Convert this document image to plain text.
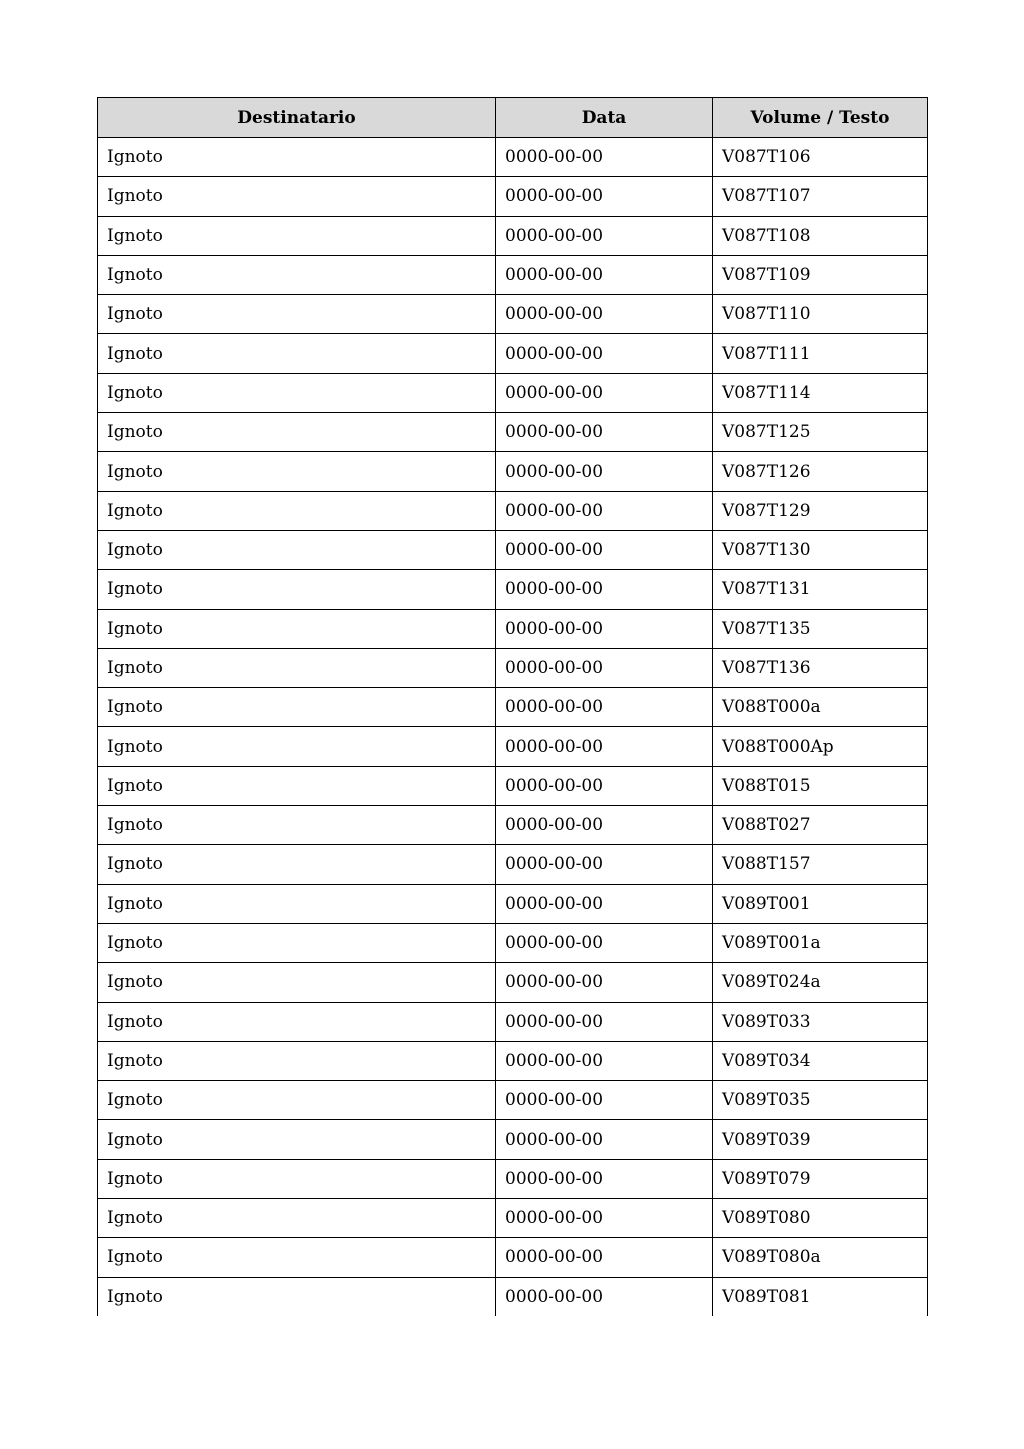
Destinatario	Data	Volume / Testo
Ignoto	0000-00-00	V087T106
Ignoto	0000-00-00	V087T107
Ignoto	0000-00-00	V087T108
Ignoto	0000-00-00	V087T109
Ignoto	0000-00-00	V087T110
Ignoto	0000-00-00	V087T111
Ignoto	0000-00-00	V087T114
Ignoto	0000-00-00	V087T125
Ignoto	0000-00-00	V087T126
Ignoto	0000-00-00	V087T129
Ignoto	0000-00-00	V087T130
Ignoto	0000-00-00	V087T131
Ignoto	0000-00-00	V087T135
Ignoto	0000-00-00	V087T136
Ignoto	0000-00-00	V088T000a
Ignoto	0000-00-00	V088T000Ap
Ignoto	0000-00-00	V088T015
Ignoto	0000-00-00	V088T027
Ignoto	0000-00-00	V088T157
Ignoto	0000-00-00	V089T001
Ignoto	0000-00-00	V089T001a
Ignoto	0000-00-00	V089T024a
Ignoto	0000-00-00	V089T033
Ignoto	0000-00-00	V089T034
Ignoto	0000-00-00	V089T035
Ignoto	0000-00-00	V089T039
Ignoto	0000-00-00	V089T079
Ignoto	0000-00-00	V089T080
Ignoto	0000-00-00	V089T080a
Ignoto	0000-00-00	V089T081
